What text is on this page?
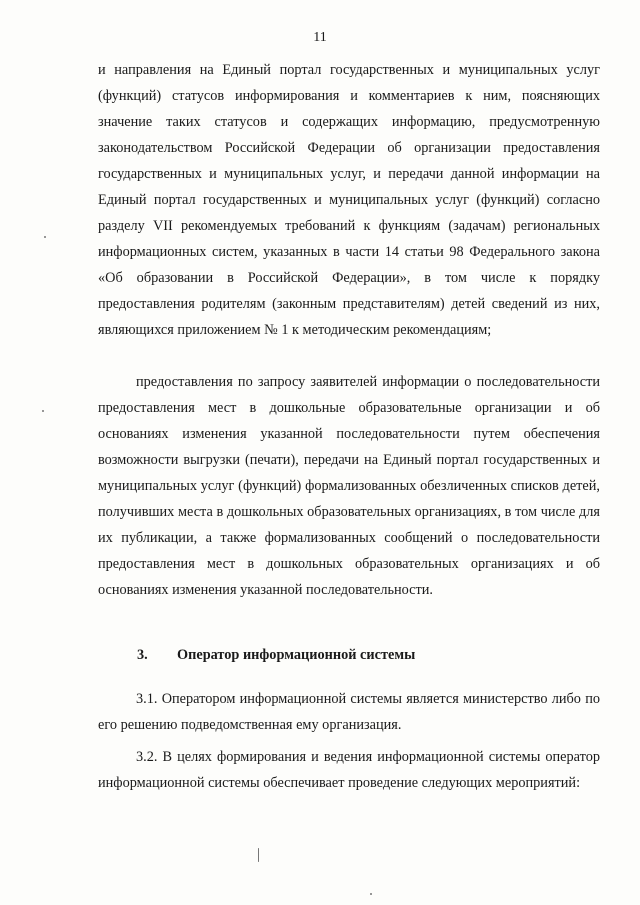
11

и направления на Единый портал государственных и муниципальных услуг (функций) статусов информирования и комментариев к ним, поясняющих значение таких статусов и содержащих информацию, предусмотренную законодательством Российской Федерации об организации предоставления государственных и муниципальных услуг, и передачи данной информации на Единый портал государственных и муниципальных услуг (функций) согласно разделу VII рекомендуемых требований к функциям (задачам) региональных информационных систем, указанных в части 14 статьи 98 Федерального закона «Об образовании в Российской Федерации», в том числе к порядку предоставления родителям (законным представителям) детей сведений из них, являющихся приложением № 1 к методическим рекомендациям;

предоставления по запросу заявителей информации о последовательности предоставления мест в дошкольные образовательные организации и об основаниях изменения указанной последовательности путем обеспечения возможности выгрузки (печати), передачи на Единый портал государственных и муниципальных услуг (функций) формализованных обезличенных списков детей, получивших места в дошкольных образовательных организациях, в том числе для их публикации, а также формализованных сообщений о последовательности предоставления мест в дошкольных образовательных организациях и об основаниях изменения указанной последовательности.

3. Оператор информационной системы

3.1. Оператором информационной системы является министерство либо по его решению подведомственная ему организация.

3.2. В целях формирования и ведения информационной системы оператор информационной системы обеспечивает проведение следующих мероприятий:
